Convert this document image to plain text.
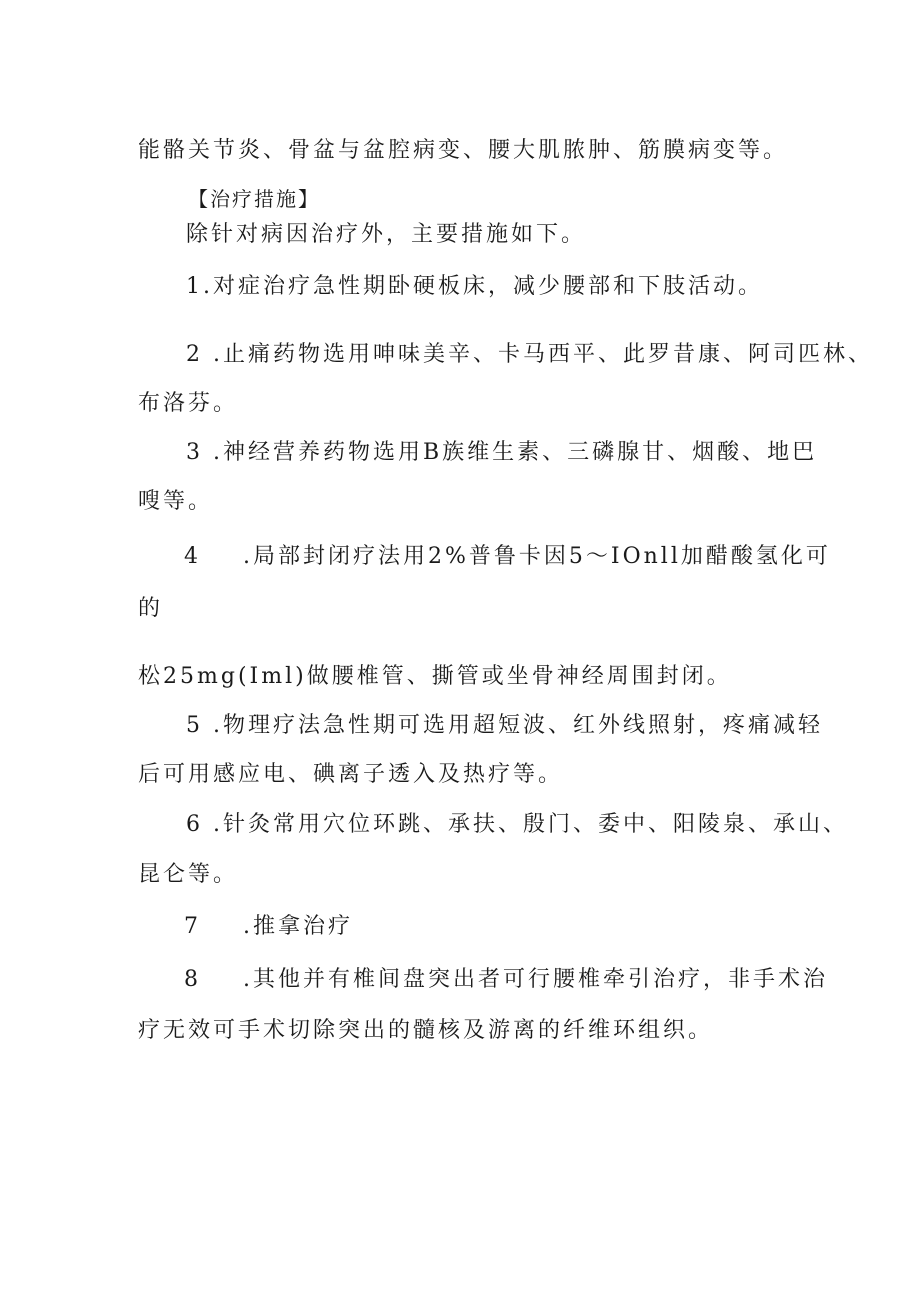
能骼关节炎、骨盆与盆腔病变、腰大肌脓肿、筋膜病变等。
【治疗措施】
除针对病因治疗外，主要措施如下。
1.对症治疗急性期卧硬板床，减少腰部和下肢活动。
2 .止痛药物选用呻味美辛、卡马西平、此罗昔康、阿司匹林、
布洛芬。
3 .神经营养药物选用B族维生素、三磷腺甘、烟酸、地巴
嗖等。
4 .局部封闭疗法用2%普鲁卡因5～IOnll加醋酸氢化可
的
松25mg(Iml)做腰椎管、撕管或坐骨神经周围封闭。
5 .物理疗法急性期可选用超短波、红外线照射，疼痛减轻
后可用感应电、碘离子透入及热疗等。
6 .针灸常用穴位环跳、承扶、殷门、委中、阳陵泉、承山、
昆仑等。
7 .推拿治疗
8 .其他并有椎间盘突出者可行腰椎牵引治疗，非手术治
疗无效可手术切除突出的髓核及游离的纤维环组织。
